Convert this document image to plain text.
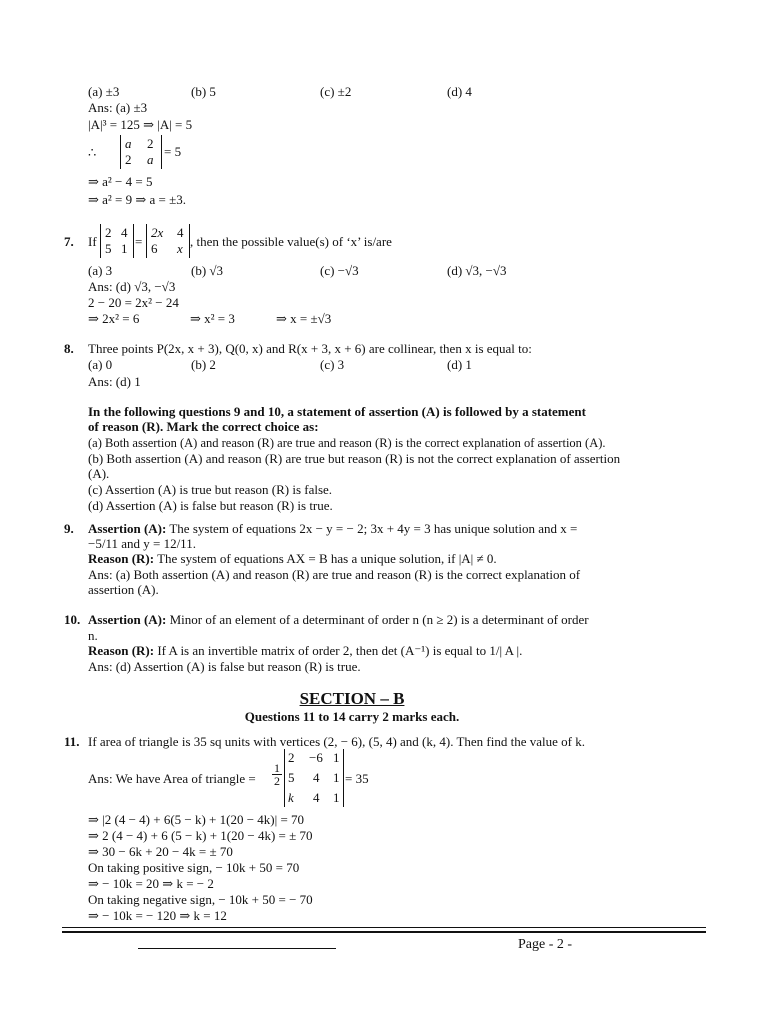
(a) ±3	(b) 5	(c) ±2	(d) 4
Ans: (a) ±3
|A|³ = 125 ⇒ |A| = 5
∴
a 2
2 a
= 5
⇒ a² − 4 = 5
⇒ a² = 9 ⇒ a = ±3.
7. If
2 4
5 1 =
2x 4
6 x , then the possible value(s) of ‘x’ is/are
(a) 3	(b) √3	(c) −√3	(d) √3, −√3
Ans: (d) √3, −√3
2 − 20 = 2x² − 24
⇒ 2x² = 6	⇒ x² = 3	⇒ x = ±√3
8. Three points P(2x, x + 3), Q(0, x) and R(x + 3, x + 6) are collinear, then x is equal to:
(a) 0	(b) 2	(c) 3	(d) 1
Ans: (d) 1
In the following questions 9 and 10, a statement of assertion (A) is followed by a statement
of reason (R). Mark the correct choice as:
(a) Both assertion (A) and reason (R) are true and reason (R) is the correct explanation of assertion (A).
(b) Both assertion (A) and reason (R) are true but reason (R) is not the correct explanation of assertion
(A).
(c) Assertion (A) is true but reason (R) is false.
(d) Assertion (A) is false but reason (R) is true.
9. Assertion (A): The system of equations 2x − y = − 2; 3x + 4y = 3 has unique solution and x =
−5/11 and y = 12/11.
Reason (R): The system of equations AX = B has a unique solution, if |A| ≠ 0.
Ans: (a) Both assertion (A) and reason (R) are true and reason (R) is the correct explanation of
assertion (A).
10. Assertion (A): Minor of an element of a determinant of order n (n ≥ 2) is a determinant of order
n.
Reason (R): If A is an invertible matrix of order 2, then det (A⁻¹) is equal to 1/| A |.
Ans: (d) Assertion (A) is false but reason (R) is true.
SECTION – B
Questions 11 to 14 carry 2 marks each.
11. If area of triangle is 35 sq units with vertices (2, − 6), (5, 4) and (k, 4). Then find the value of k.
Ans: We have Area of triangle = $\frac{1}{2}$
2 −6 1
5 4 1
k 4 1
= 35
⇒ |2 (4 − 4) + 6(5 − k) + 1(20 − 4k)| = 70
⇒ 2 (4 − 4) + 6 (5 − k) + 1(20 − 4k) = ± 70
⇒ 30 − 6k + 20 − 4k = ± 70
On taking positive sign, − 10k + 50 = 70
⇒ − 10k = 20 ⇒ k = − 2
On taking negative sign, − 10k + 50 = − 70
⇒ − 10k = − 120 ⇒ k = 12
Page - 2 -
